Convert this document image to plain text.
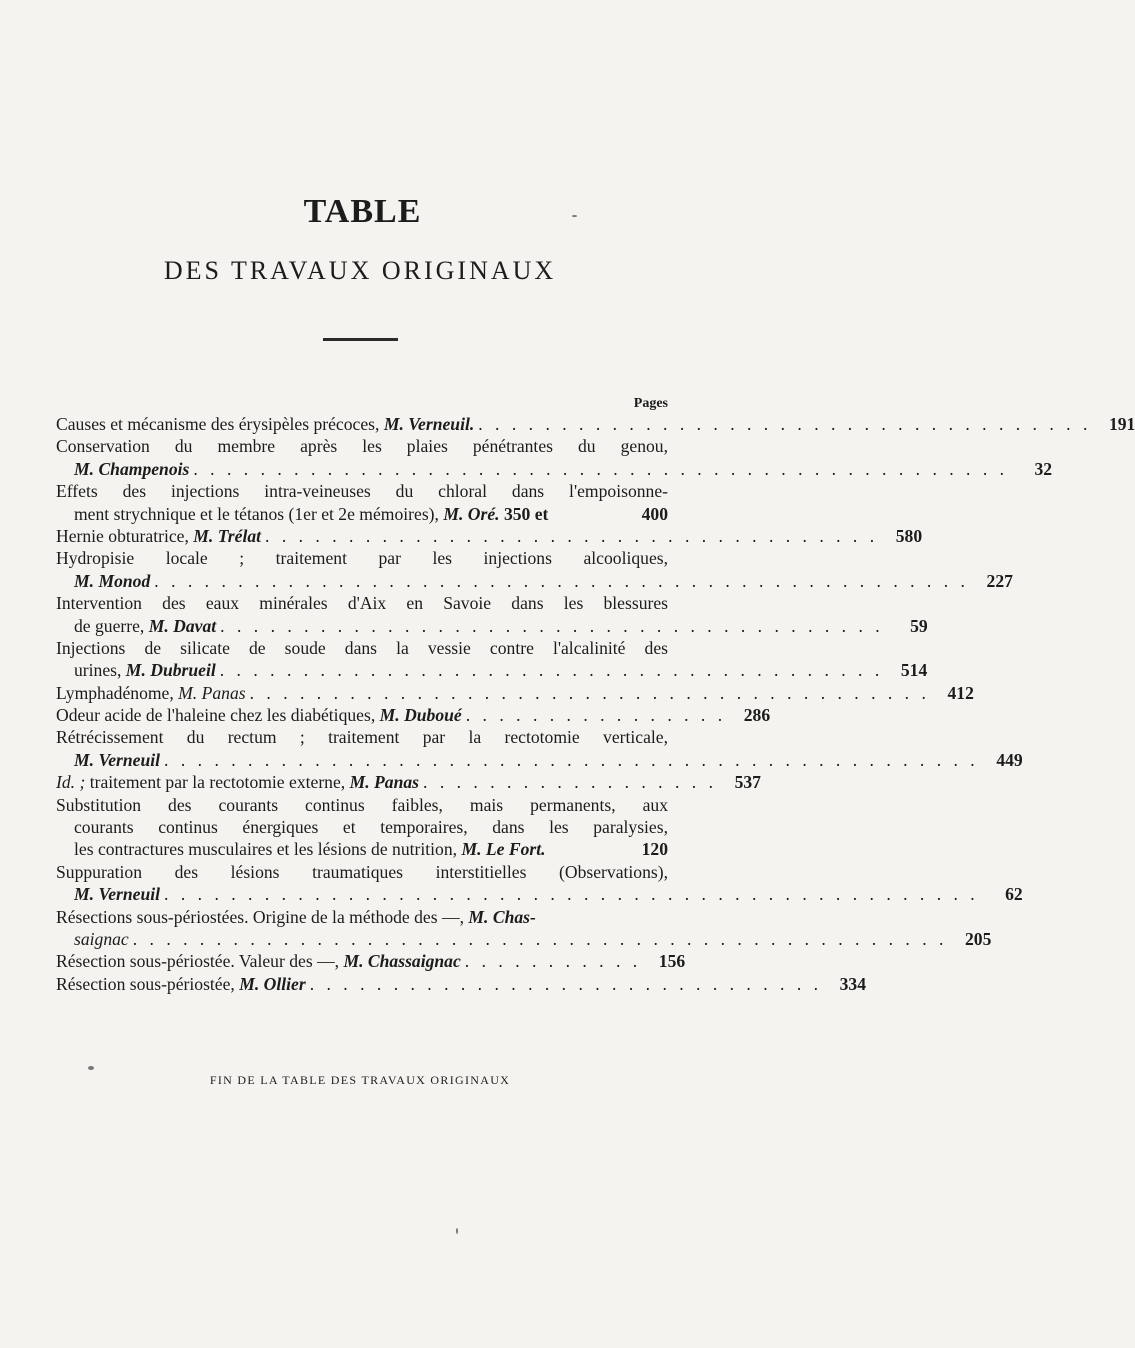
TABLE
DES TRAVAUX ORIGINAUX
Pages
Causes et mécanisme des érysipèles précoces, M. Verneuil. . . . . . . . . . . . . . . . . . . . . . . . . . . . . . . . . . . . . .	191
Conservation du membre après les plaies pénétrantes du genou,
M. Champenois . . . . . . . . . . . . . . . . . . . . . . . . . . . . . . . . . . . . . . . . . . . . . . . . .	32
Effets des injections intra-veineuses du chloral dans l'empoisonne-
ment strychnique et le tétanos (1er et 2e mémoires), M. Oré. 350 et	400
Hernie obturatrice, M. Trélat . . . . . . . . . . . . . . . . . . . . . . . . . . . . . . . . . . . . .	580
Hydropisie locale ; traitement par les injections alcooliques,
M. Monod . . . . . . . . . . . . . . . . . . . . . . . . . . . . . . . . . . . . . . . . . . . . . . . . .	227
Intervention des eaux minérales d'Aix en Savoie dans les blessures
de guerre, M. Davat . . . . . . . . . . . . . . . . . . . . . . . . . . . . . . . . . . . . . . . .	59
Injections de silicate de soude dans la vessie contre l'alcalinité des
urines, M. Dubrueil . . . . . . . . . . . . . . . . . . . . . . . . . . . . . . . . . . . . . . . .	514
Lymphadénome, M. Panas . . . . . . . . . . . . . . . . . . . . . . . . . . . . . . . . . . . . . . . . .	412
Odeur acide de l'haleine chez les diabétiques, M. Duboué . . . . . . . . . . . . . . . .	286
Rétrécissement du rectum ; traitement par la rectotomie verticale,
M. Verneuil . . . . . . . . . . . . . . . . . . . . . . . . . . . . . . . . . . . . . . . . . . . . . . . . .	449
Id. ; traitement par la rectotomie externe, M. Panas . . . . . . . . . . . . . . . . . .	537
Substitution des courants continus faibles, mais permanents, aux
courants continus énergiques et temporaires, dans les paralysies,
les contractures musculaires et les lésions de nutrition, M. Le Fort.	120
Suppuration des lésions traumatiques interstitielles (Observations),
M. Verneuil . . . . . . . . . . . . . . . . . . . . . . . . . . . . . . . . . . . . . . . . . . . . . . . . .	62
Résections sous-périostées. Origine de la méthode des —, M. Chas-
saignac . . . . . . . . . . . . . . . . . . . . . . . . . . . . . . . . . . . . . . . . . . . . . . . . .	205
Résection sous-périostée. Valeur des —, M. Chassaignac . . . . . . . . . . .	156
Résection sous-périostée, M. Ollier . . . . . . . . . . . . . . . . . . . . . . . . . . . . . . .	334
FIN DE LA TABLE DES TRAVAUX ORIGINAUX
